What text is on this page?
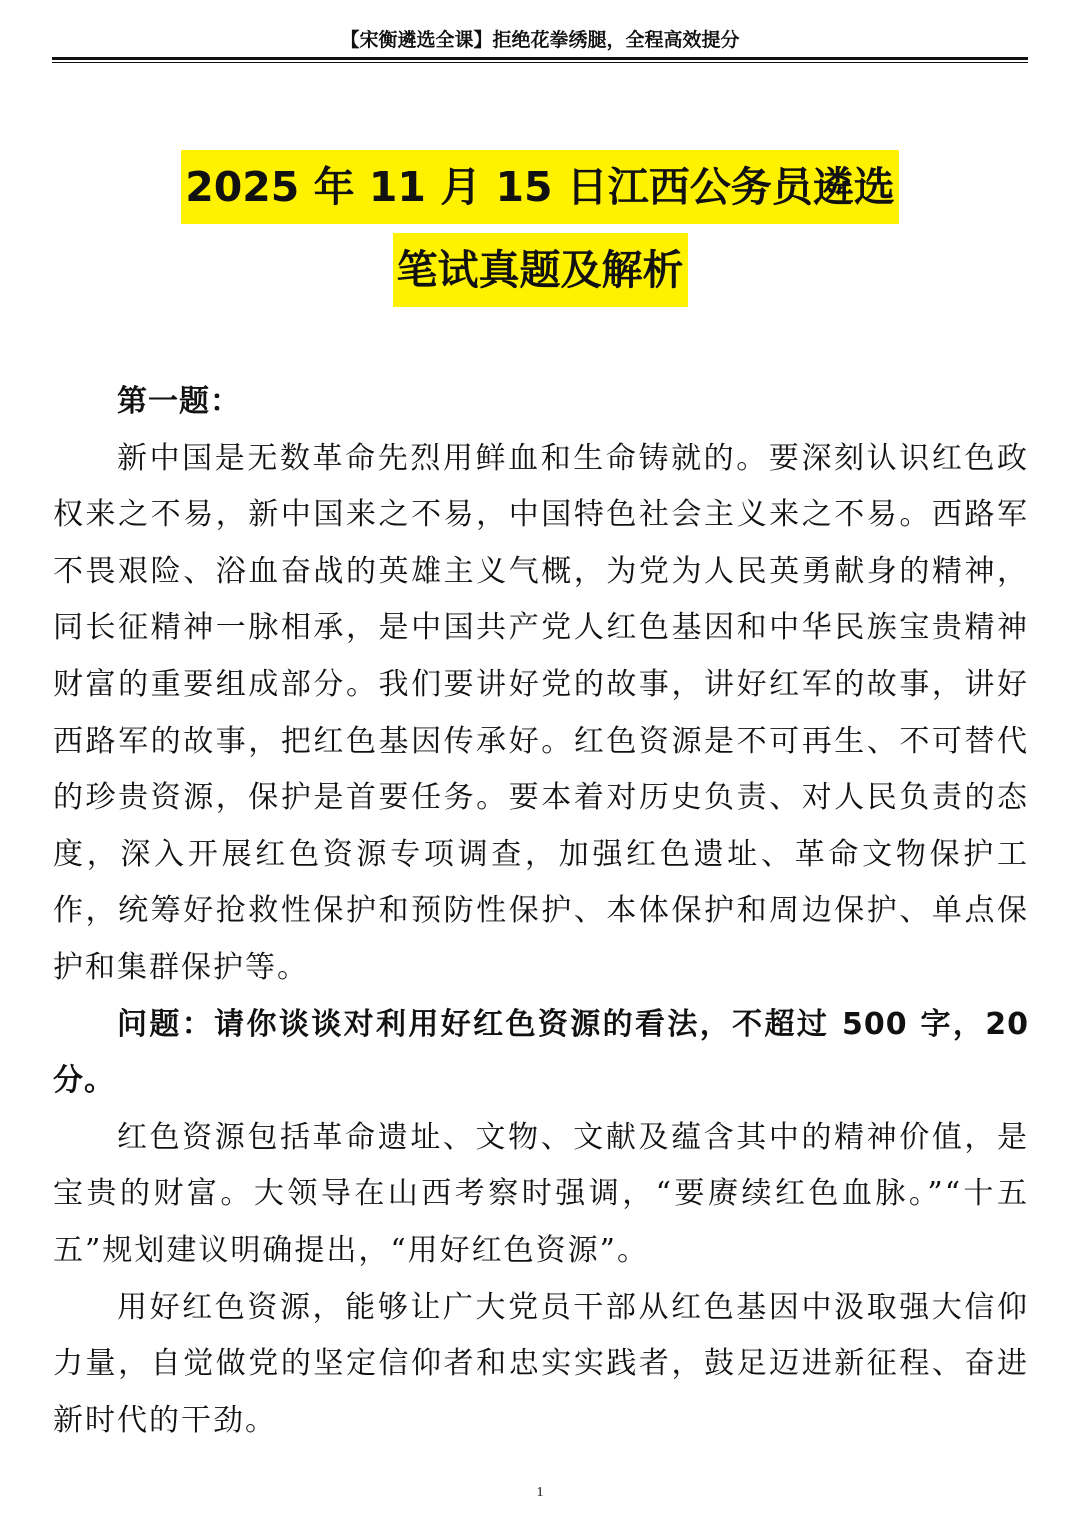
【宋衡遴选全课】拒绝花拳绣腿，全程高效提分
2025 年 11 月 15 日江西公务员遴选
笔试真题及解析

第一题：

新中国是无数革命先烈用鲜血和生命铸就的。要深刻认识红色政权来之不易，新中国来之不易，中国特色社会主义来之不易。西路军不畏艰险、浴血奋战的英雄主义气概，为党为人民英勇献身的精神，同长征精神一脉相承，是中国共产党人红色基因和中华民族宝贵精神财富的重要组成部分。我们要讲好党的故事，讲好红军的故事，讲好西路军的故事，把红色基因传承好。红色资源是不可再生、不可替代的珍贵资源，保护是首要任务。要本着对历史负责、对人民负责的态度，深入开展红色资源专项调查，加强红色遗址、革命文物保护工作，统筹好抢救性保护和预防性保护、本体保护和周边保护、单点保护和集群保护等。

问题：请你谈谈对利用好红色资源的看法，不超过 500 字，20 分。

红色资源包括革命遗址、文物、文献及蕴含其中的精神价值，是宝贵的财富。大领导在山西考察时强调，“要赓续红色血脉。”“十五五”规划建议明确提出，“用好红色资源”。

用好红色资源，能够让广大党员干部从红色基因中汲取强大信仰力量，自觉做党的坚定信仰者和忠实实践者，鼓足迈进新征程、奋进新时代的干劲。

1
